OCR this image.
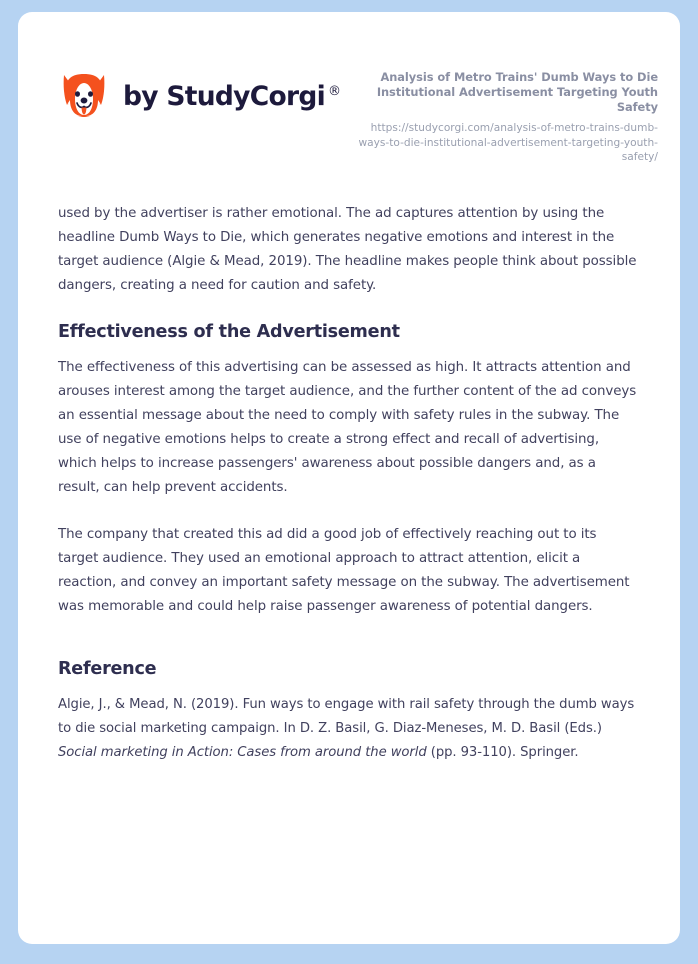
by StudyCorgi ®

Analysis of Metro Trains' Dumb Ways to Die Institutional Advertisement Targeting Youth Safety

https://studycorgi.com/analysis-of-metro-trains-dumb-ways-to-die-institutional-advertisement-targeting-youth-safety/

used by the advertiser is rather emotional. The ad captures attention by using the headline Dumb Ways to Die, which generates negative emotions and interest in the target audience (Algie & Mead, 2019). The headline makes people think about possible dangers, creating a need for caution and safety.

Effectiveness of the Advertisement

The effectiveness of this advertising can be assessed as high. It attracts attention and arouses interest among the target audience, and the further content of the ad conveys an essential message about the need to comply with safety rules in the subway. The use of negative emotions helps to create a strong effect and recall of advertising, which helps to increase passengers' awareness about possible dangers and, as a result, can help prevent accidents.

The company that created this ad did a good job of effectively reaching out to its target audience. They used an emotional approach to attract attention, elicit a reaction, and convey an important safety message on the subway. The advertisement was memorable and could help raise passenger awareness of potential dangers.

Reference

Algie, J., & Mead, N. (2019). Fun ways to engage with rail safety through the dumb ways to die social marketing campaign. In D. Z. Basil, G. Diaz-Meneses, M. D. Basil (Eds.) Social marketing in Action: Cases from around the world (pp. 93-110). Springer.
